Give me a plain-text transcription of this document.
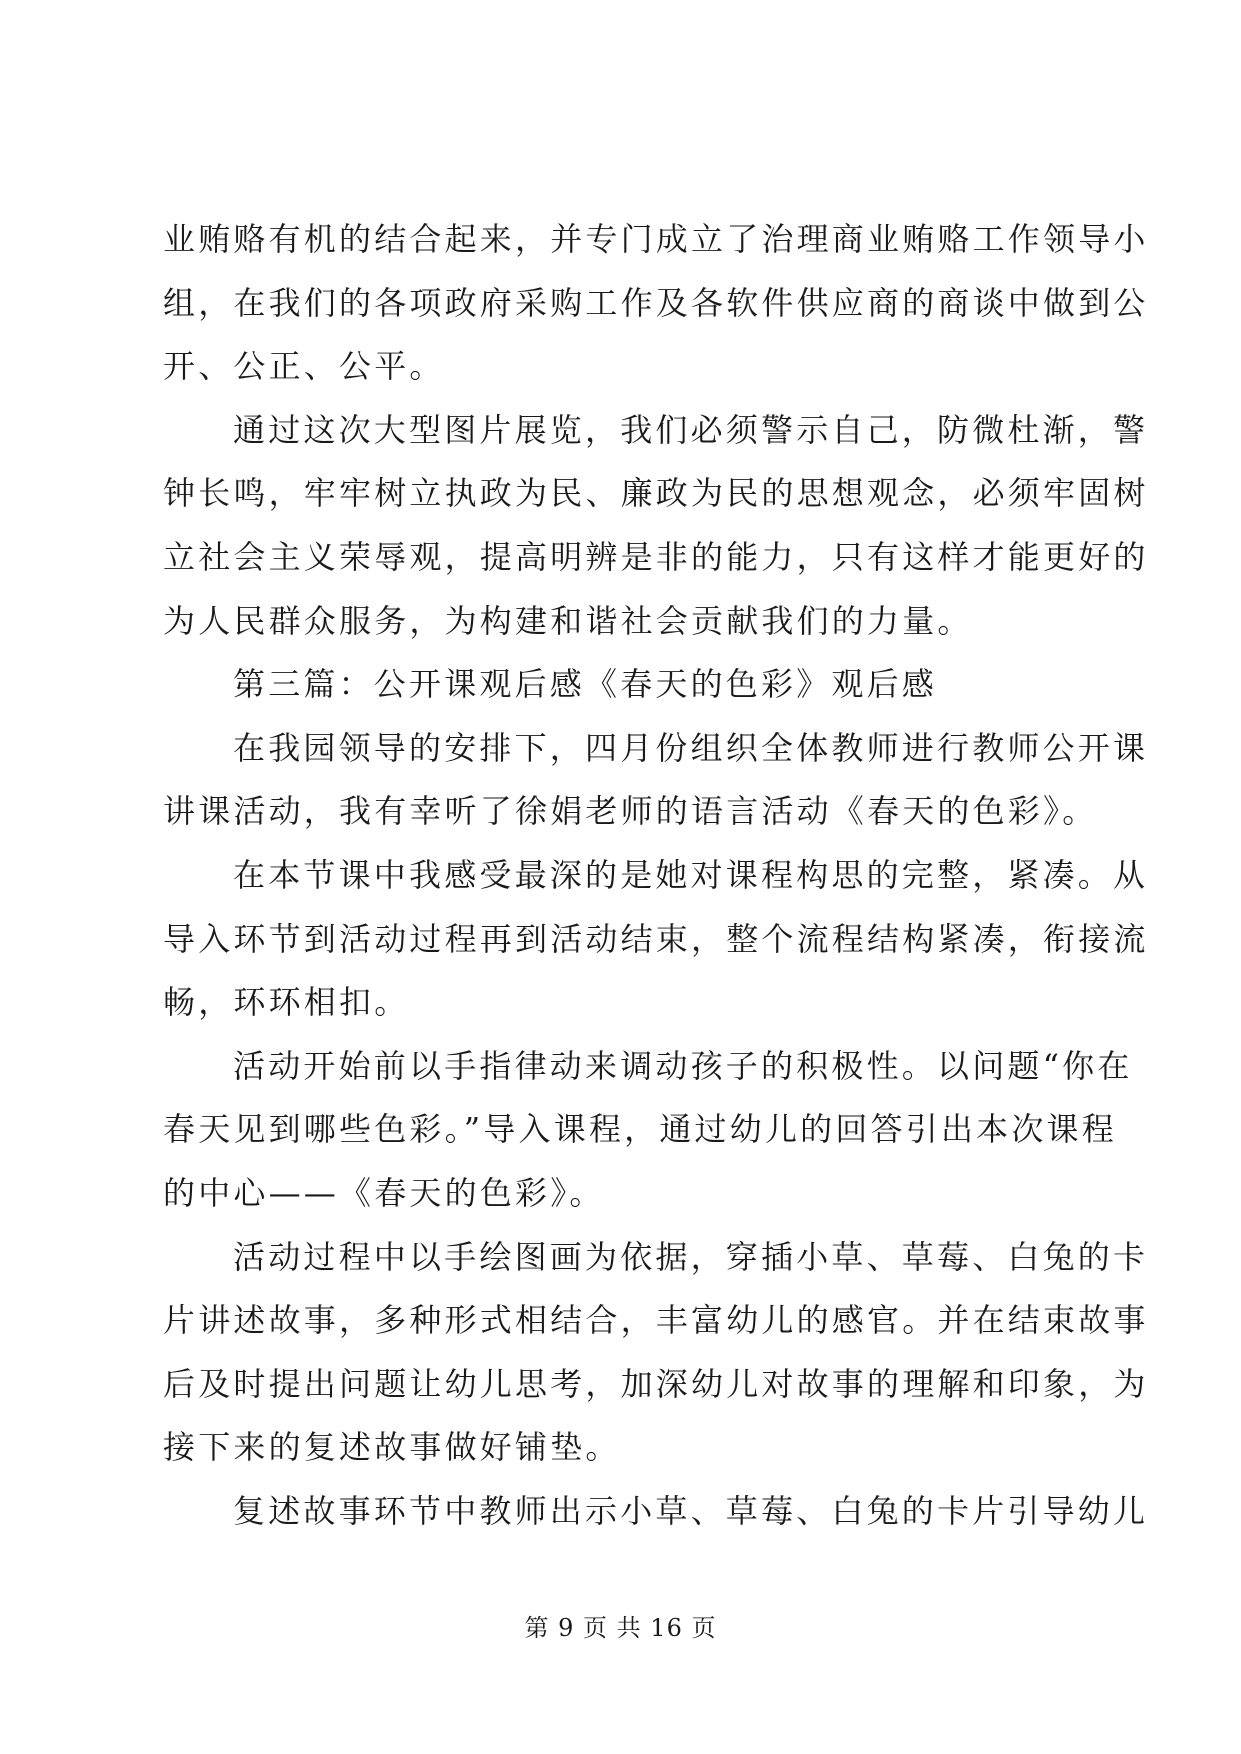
业贿赂有机的结合起来，并专门成立了治理商业贿赂工作领导小
组，在我们的各项政府采购工作及各软件供应商的商谈中做到公
开、公正、公平。

通过这次大型图片展览，我们必须警示自己，防微杜渐，警
钟长鸣，牢牢树立执政为民、廉政为民的思想观念，必须牢固树
立社会主义荣辱观，提高明辨是非的能力，只有这样才能更好的
为人民群众服务，为构建和谐社会贡献我们的力量。

第三篇：公开课观后感《春天的色彩》观后感

在我园领导的安排下，四月份组织全体教师进行教师公开课
讲课活动，我有幸听了徐娟老师的语言活动《春天的色彩》。

在本节课中我感受最深的是她对课程构思的完整，紧凑。从
导入环节到活动过程再到活动结束，整个流程结构紧凑，衔接流
畅，环环相扣。

活动开始前以手指律动来调动孩子的积极性。以问题“你在
春天见到哪些色彩。”导入课程，通过幼儿的回答引出本次课程
的中心——《春天的色彩》。

活动过程中以手绘图画为依据，穿插小草、草莓、白兔的卡
片讲述故事，多种形式相结合，丰富幼儿的感官。并在结束故事
后及时提出问题让幼儿思考，加深幼儿对故事的理解和印象，为
接下来的复述故事做好铺垫。

复述故事环节中教师出示小草、草莓、白兔的卡片引导幼儿

第 9 页 共 16 页
